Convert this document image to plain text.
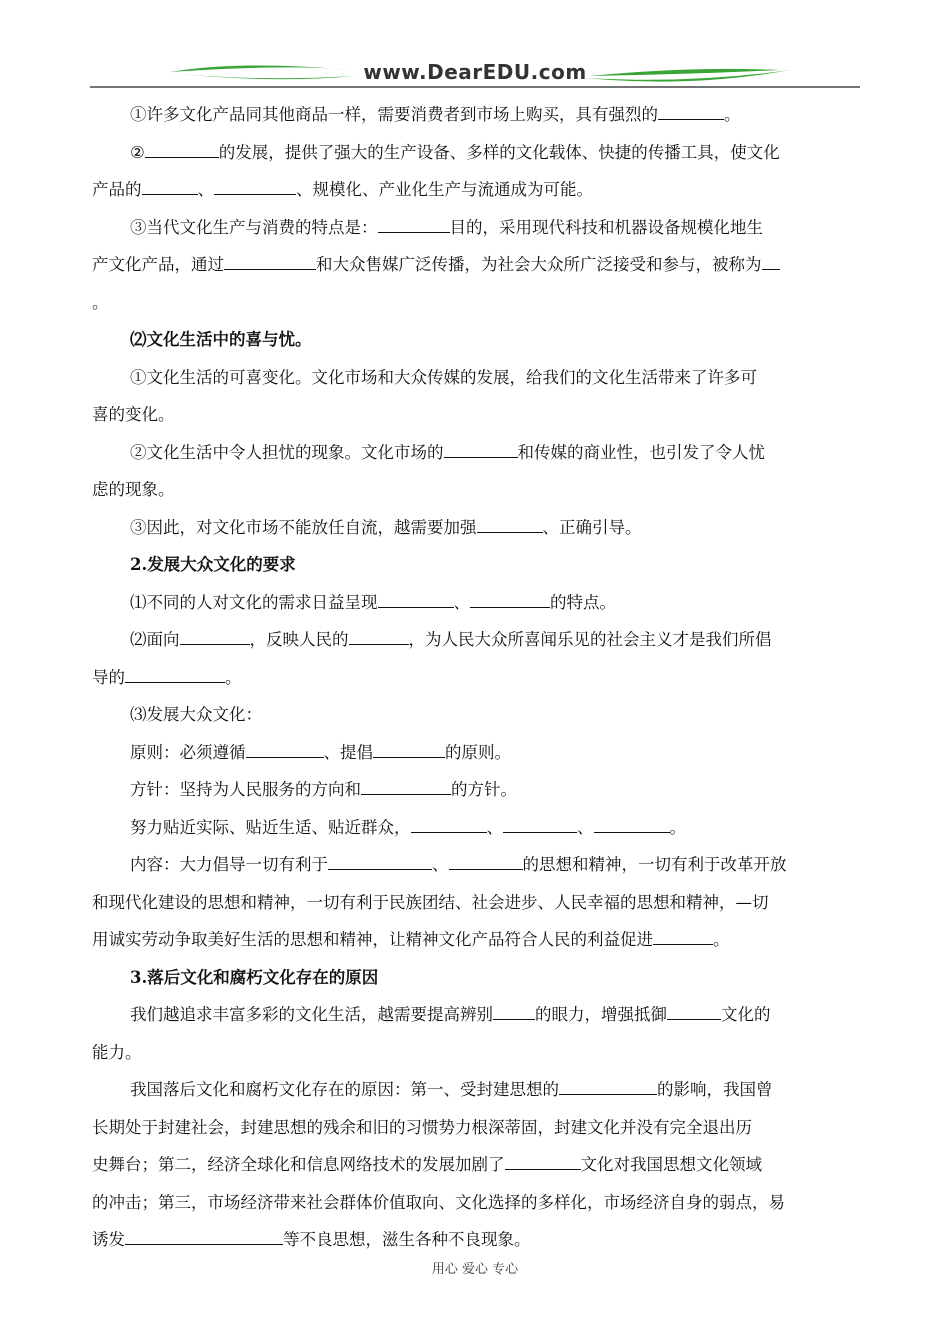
www.DearEDU.com
①许多文化产品同其他商品一样，需要消费者到市场上购买，具有强烈的	。
②	的发展，提供了强大的生产设备、多样的文化载体、快捷的传播工具，使文化
产品的	、	、规模化、产业化生产与流通成为可能。
③当代文化生产与消费的特点是：	目的，采用现代科技和机器设备规模化地生
产文化产品，通过	和大众售媒广泛传播，为社会大众所广泛接受和参与，被称为
。
⑵文化生活中的喜与忧。
①文化生活的可喜变化。文化市场和大众传媒的发展，给我们的文化生活带来了许多可
喜的变化。
②文化生活中令人担忧的现象。文化市场的	和传媒的商业性，也引发了令人忧
虑的现象。
③因此，对文化市场不能放任自流，越需要加强	、正确引导。
2.发展大众文化的要求
⑴不同的人对文化的需求日益呈现	、	的特点。
⑵面向	，反映人民的	，为人民大众所喜闻乐见的社会主义才是我们所倡
导的	。
⑶发展大众文化：
原则：必须遵循	、提倡	的原则。
方针：坚持为人民服务的方向和	的方针。
努力贴近实际、贴近生适、贴近群众，	、	、	。
内容：大力倡导一切有利于	、	的思想和精神，一切有利于改革开放
和现代化建设的思想和精神，一切有利于民族团结、社会进步、人民幸福的思想和精神，—切
用诚实劳动争取美好生活的思想和精神，让精神文化产品符合人民的利益促进	。
3.落后文化和腐朽文化存在的原因
我们越追求丰富多彩的文化生活，越需要提高辨别	的眼力，增强抵御	文化的
能力。
我国落后文化和腐朽文化存在的原因：第一、受封建思想的	的影响，我国曾
长期处于封建社会，封建思想的残余和旧的习惯势力根深蒂固，封建文化并没有完全退出历
史舞台；第二，经济全球化和信息网络技术的发展加剧了	文化对我国思想文化领域
的冲击；第三，市场经济带来社会群体价值取向、文化选择的多样化，市场经济自身的弱点，易
诱发	等不良思想，滋生各种不良现象。
用心 爱心 专心
